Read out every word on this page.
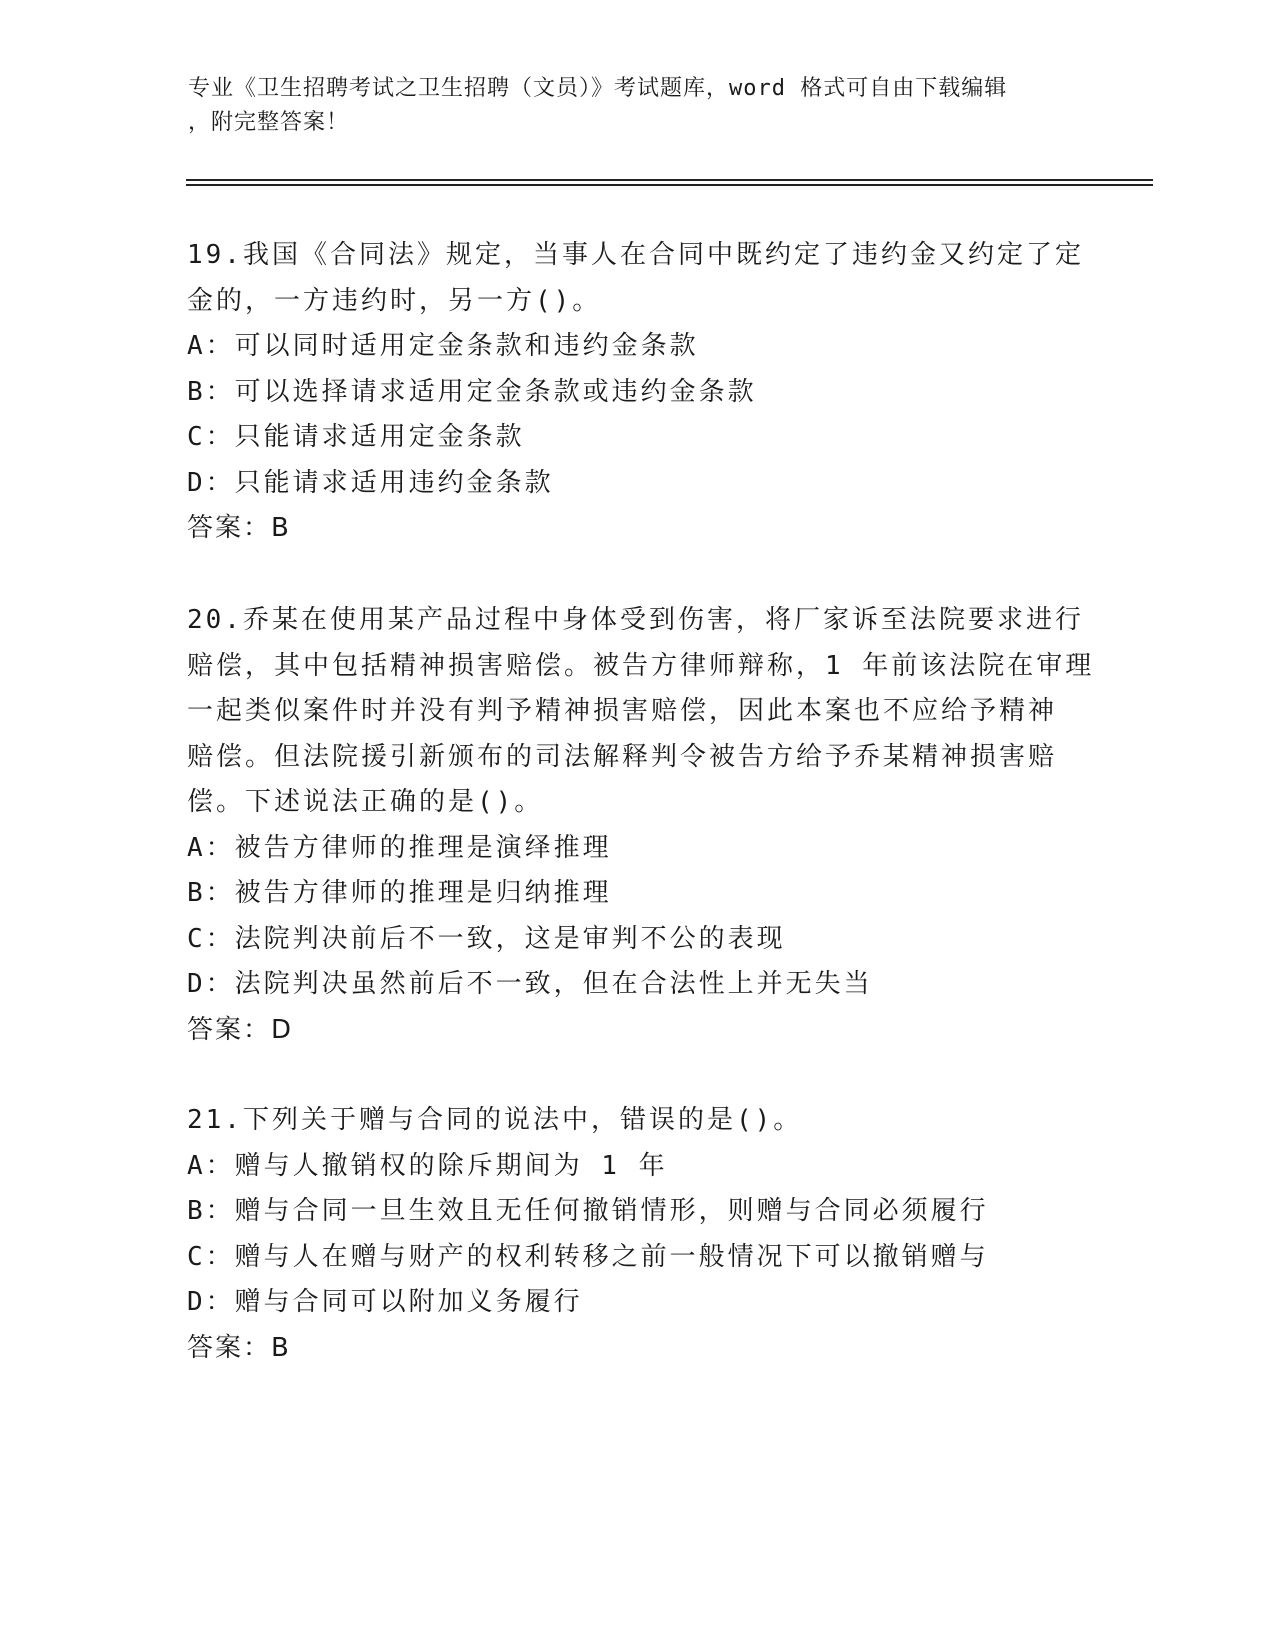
专业《卫生招聘考试之卫生招聘（文员）》考试题库，word 格式可自由下载编辑
，附完整答案！
19.我国《合同法》规定，当事人在合同中既约定了违约金又约定了定
金的，一方违约时，另一方()。
A：可以同时适用定金条款和违约金条款
B：可以选择请求适用定金条款或违约金条款
C：只能请求适用定金条款
D：只能请求适用违约金条款
答案：B
20.乔某在使用某产品过程中身体受到伤害，将厂家诉至法院要求进行
赔偿，其中包括精神损害赔偿。被告方律师辩称，1 年前该法院在审理
一起类似案件时并没有判予精神损害赔偿，因此本案也不应给予精神
赔偿。但法院援引新颁布的司法解释判令被告方给予乔某精神损害赔
偿。下述说法正确的是()。
A：被告方律师的推理是演绎推理
B：被告方律师的推理是归纳推理
C：法院判决前后不一致，这是审判不公的表现
D：法院判决虽然前后不一致，但在合法性上并无失当
答案：D
21.下列关于赠与合同的说法中，错误的是()。
A：赠与人撤销权的除斥期间为 1 年
B：赠与合同一旦生效且无任何撤销情形，则赠与合同必须履行
C：赠与人在赠与财产的权利转移之前一般情况下可以撤销赠与
D：赠与合同可以附加义务履行
答案：B
